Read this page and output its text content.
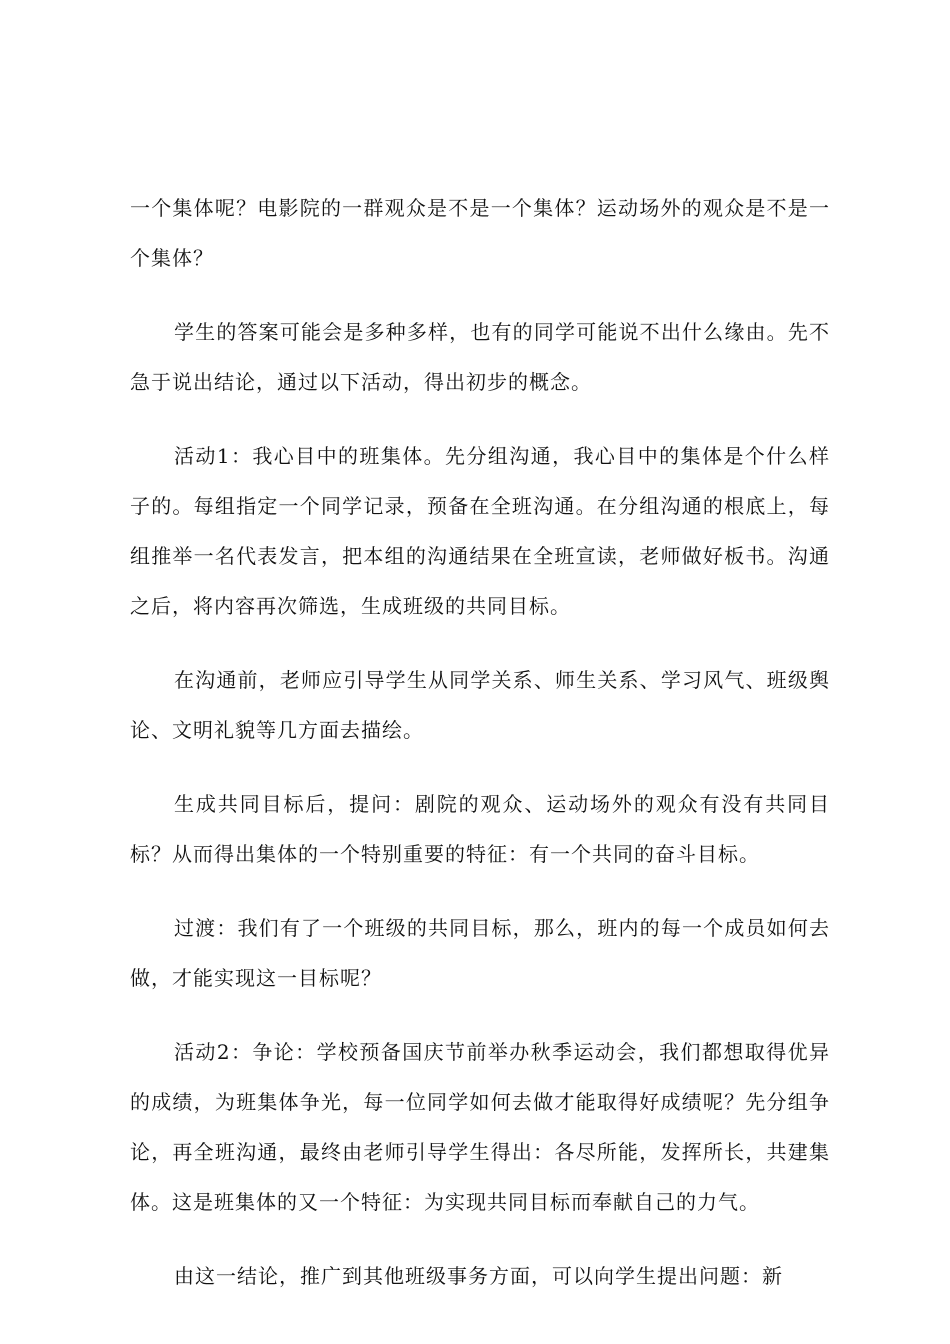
一个集体呢？电影院的一群观众是不是一个集体？运动场外的观众是不是一个集体？

学生的答案可能会是多种多样，也有的同学可能说不出什么缘由。先不急于说出结论，通过以下活动，得出初步的概念。

活动1：我心目中的班集体。先分组沟通，我心目中的集体是个什么样子的。每组指定一个同学记录，预备在全班沟通。在分组沟通的根底上，每组推举一名代表发言，把本组的沟通结果在全班宣读，老师做好板书。沟通之后，将内容再次筛选，生成班级的共同目标。

在沟通前，老师应引导学生从同学关系、师生关系、学习风气、班级舆论、文明礼貌等几方面去描绘。

生成共同目标后，提问：剧院的观众、运动场外的观众有没有共同目标？从而得出集体的一个特别重要的特征：有一个共同的奋斗目标。

过渡：我们有了一个班级的共同目标，那么，班内的每一个成员如何去做，才能实现这一目标呢？

活动2：争论：学校预备国庆节前举办秋季运动会，我们都想取得优异的成绩，为班集体争光，每一位同学如何去做才能取得好成绩呢？先分组争论，再全班沟通，最终由老师引导学生得出：各尽所能，发挥所长，共建集体。这是班集体的又一个特征：为实现共同目标而奉献自己的力气。

由这一结论，推广到其他班级事务方面，可以向学生提出问题：新
